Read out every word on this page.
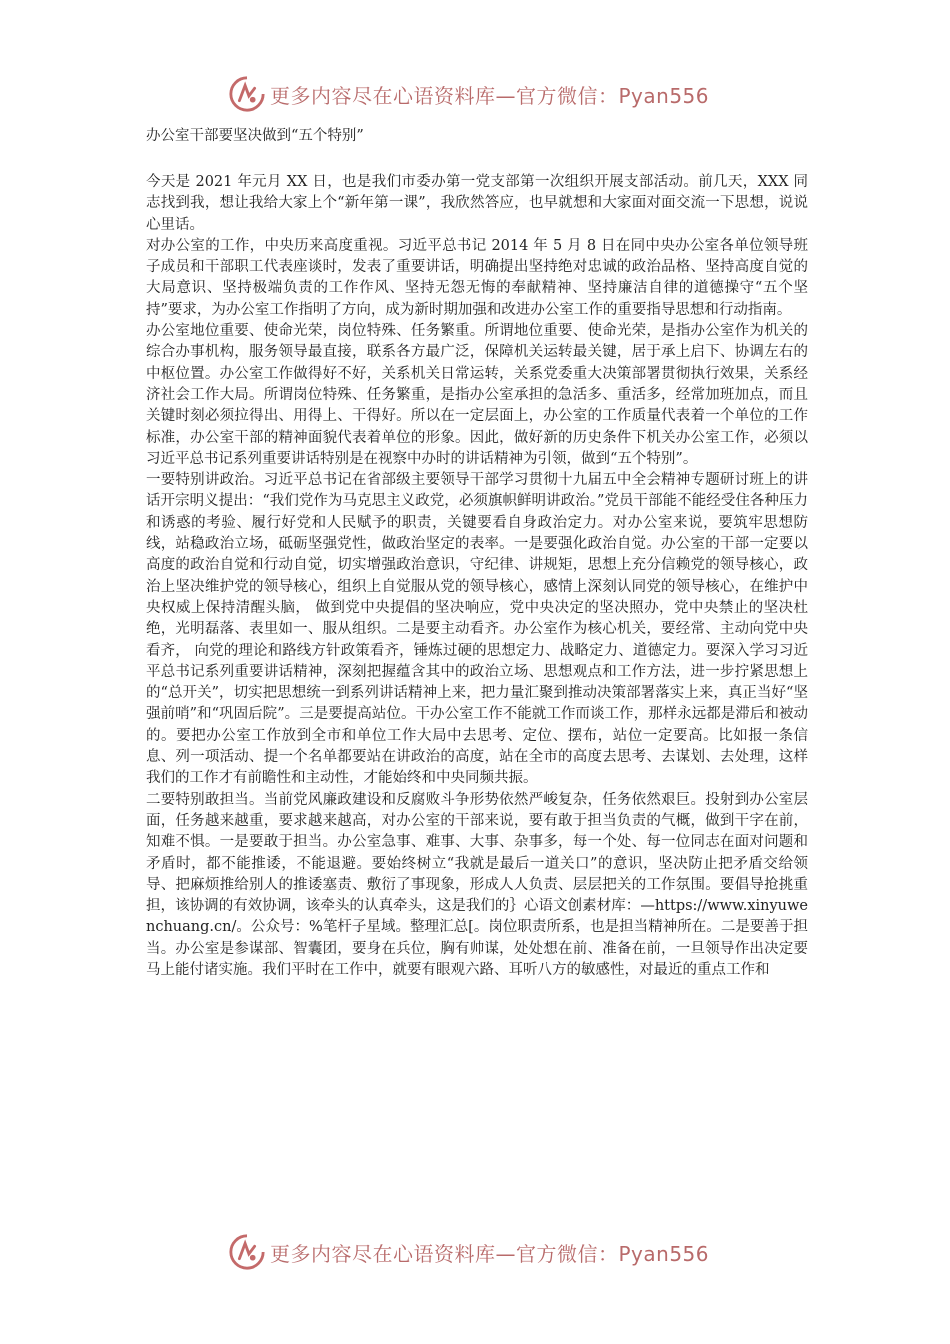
更多内容尽在心语资料库—官方微信：Pyan556
办公室干部要坚决做到“五个特别”

今天是 2021 年元月 XX 日，也是我们市委办第一党支部第一次组织开展支部活动。前几天，XXX 同志找到我，想让我给大家上个“新年第一课”，我欣然答应，也早就想和大家面对面交流一下思想，说说心里话。

对办公室的工作，中央历来高度重视。习近平总书记 2014 年 5 月 8 日在同中央办公室各单位领导班子成员和干部职工代表座谈时，发表了重要讲话，明确提出坚持绝对忠诚的政治品格、坚持高度自觉的大局意识、坚持极端负责的工作作风、坚持无怨无悔的奉献精神、坚持廉洁自律的道德操守“五个坚持”要求，为办公室工作指明了方向，成为新时期加强和改进办公室工作的重要指导思想和行动指南。

办公室地位重要、使命光荣，岗位特殊、任务繁重。所谓地位重要、使命光荣，是指办公室作为机关的综合办事机构，服务领导最直接，联系各方最广泛，保障机关运转最关键，居于承上启下、协调左右的中枢位置。办公室工作做得好不好，关系机关日常运转，关系党委重大决策部署贯彻执行效果，关系经济社会工作大局。所谓岗位特殊、任务繁重，是指办公室承担的急活多、重活多，经常加班加点，而且关键时刻必须拉得出、用得上、干得好。所以在一定层面上，办公室的工作质量代表着一个单位的工作标准，办公室干部的精神面貌代表着单位的形象。因此，做好新的历史条件下机关办公室工作，必须以习近平总书记系列重要讲话特别是在视察中办时的讲话精神为引领，做到“五个特别”。

一要特别讲政治。习近平总书记在省部级主要领导干部学习贯彻十九届五中全会精神专题研讨班上的讲话开宗明义提出：“我们党作为马克思主义政党，必须旗帜鲜明讲政治。”党员干部能不能经受住各种压力和诱惑的考验、履行好党和人民赋予的职责，关键要看自身政治定力。对办公室来说，要筑牢思想防线，站稳政治立场，砥砺坚强党性，做政治坚定的表率。一是要强化政治自觉。办公室的干部一定要以高度的政治自觉和行动自觉，切实增强政治意识，守纪律、讲规矩，思想上充分信赖党的领导核心，政治上坚决维护党的领导核心，组织上自觉服从党的领导核心，感情上深刻认同党的领导核心，在维护中央权威上保持清醒头脑， 做到党中央提倡的坚决响应，党中央决定的坚决照办，党中央禁止的坚决杜绝，光明磊落、表里如一、服从组织。二是要主动看齐。办公室作为核心机关，要经常、主动向党中央看齐， 向党的理论和路线方针政策看齐，锤炼过硬的思想定力、战略定力、道德定力。要深入学习习近平总书记系列重要讲话精神，深刻把握蕴含其中的政治立场、思想观点和工作方法，进一步拧紧思想上的“总开关”，切实把思想统一到系列讲话精神上来，把力量汇聚到推动决策部署落实上来，真正当好“坚强前哨”和“巩固后院”。三是要提高站位。干办公室工作不能就工作而谈工作，那样永远都是滞后和被动的。要把办公室工作放到全市和单位工作大局中去思考、定位、摆布，站位一定要高。比如报一条信息、列一项活动、提一个名单都要站在讲政治的高度，站在全市的高度去思考、去谋划、去处理，这样我们的工作才有前瞻性和主动性，才能始终和中央同频共振。

二要特别敢担当。当前党风廉政建设和反腐败斗争形势依然严峻复杂，任务依然艰巨。投射到办公室层面，任务越来越重，要求越来越高，对办公室的干部来说，要有敢于担当负责的气概，做到干字在前，知难不惧。一是要敢于担当。办公室急事、难事、大事、杂事多，每一个处、每一位同志在面对问题和矛盾时，都不能推诿，不能退避。要始终树立“我就是最后一道关口”的意识，坚决防止把矛盾交给领导、把麻烦推给别人的推诿塞责、敷衍了事现象，形成人人负责、层层把关的工作氛围。要倡导抢挑重担，该协调的有效协调，该牵头的认真牵头，这是我们的｝心语文创素材库：—https://www.xinyuwenchuang.cn/。公众号：%笔杆子星域。整理汇总[。岗位职责所系，也是担当精神所在。二是要善于担当。办公室是参谋部、智囊团，要身在兵位，胸有帅谋，处处想在前、准备在前，一旦领导作出决定要马上能付诸实施。我们平时在工作中，就要有眼观六路、耳听八方的敏感性，对最近的重点工作和

更多内容尽在心语资料库—官方微信：Pyan556
